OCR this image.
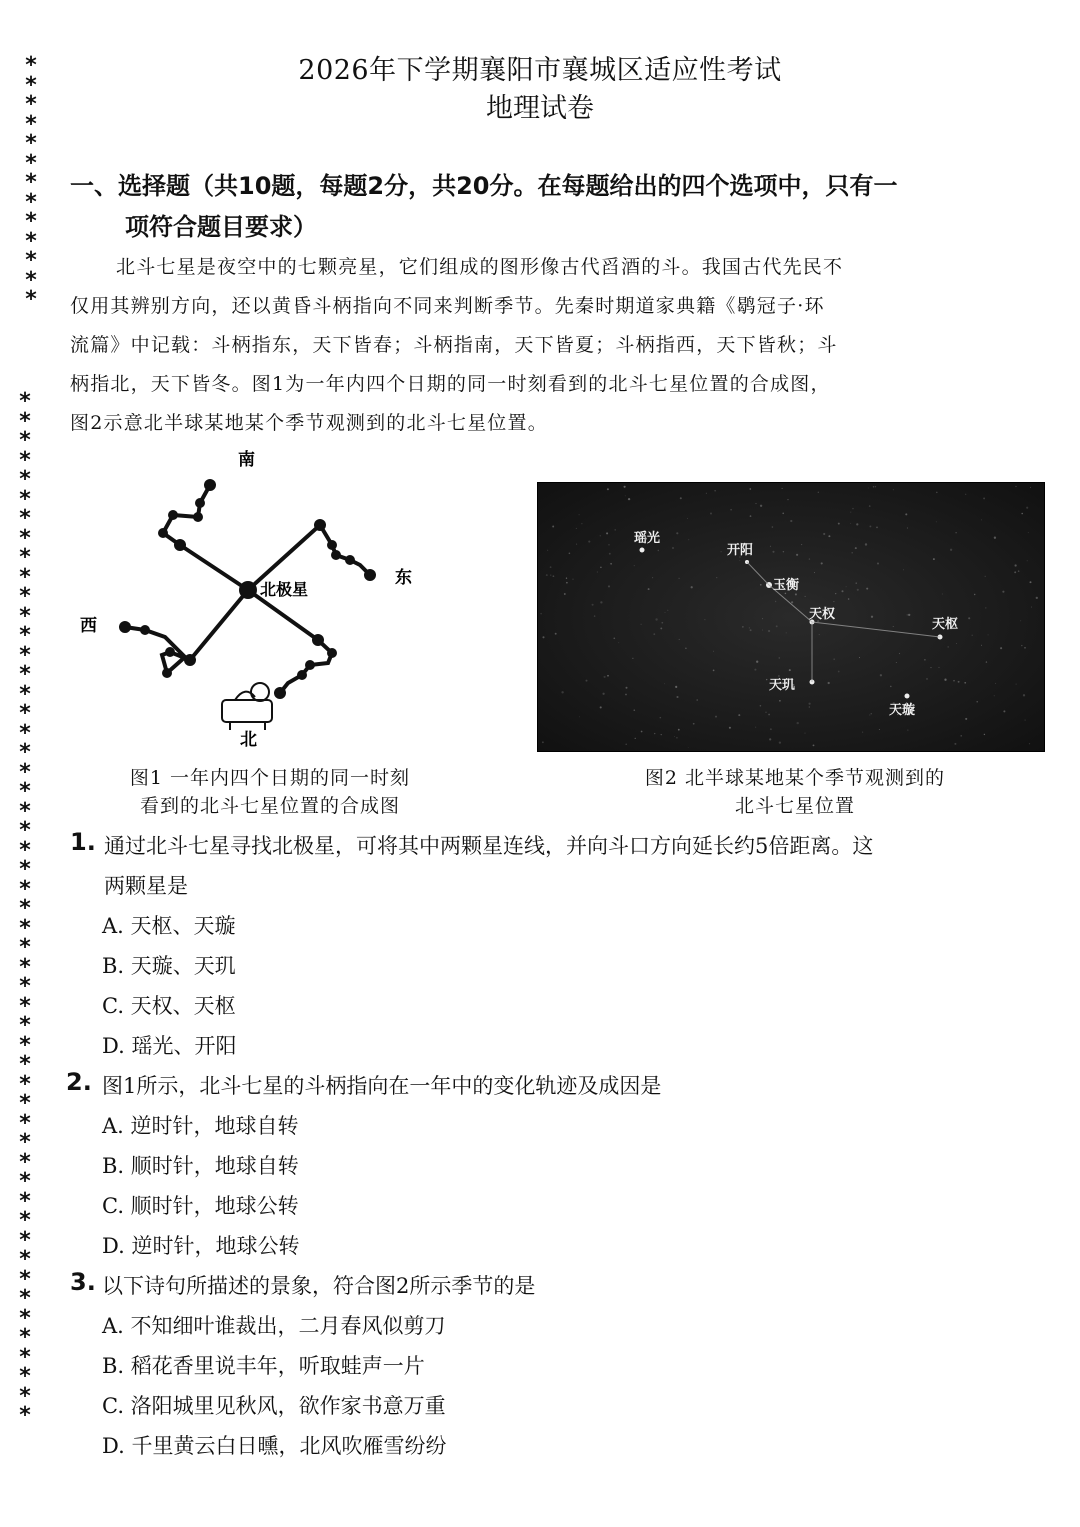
*
*
*
*
*
*
*
*
*
*
*
*
*
*
*
*
*
*
*
*
*
*
*
*
*
*
*
*
*
*
*
*
*
*
*
*
*
*
*
*
*
*
*
*
*
*
*
*
*
*
*
*
*
*
*
*
*
*
*
*
*
*
*
*
*
*
2026年下学期襄阳市襄城区适应性考试
地理试卷
一、选择题（共10题，每题2分，共20分。在每题给出的四个选项中，只有一
项符合题目要求）
北斗七星是夜空中的七颗亮星，它们组成的图形像古代舀酒的斗。我国古代先民不
仅用其辨别方向，还以黄昏斗柄指向不同来判断季节。先秦时期道家典籍《鹖冠子·环
流篇》中记载：斗柄指东，天下皆春；斗柄指南，天下皆夏；斗柄指西，天下皆秋；斗
柄指北，天下皆冬。图1为一年内四个日期的同一时刻看到的北斗七星位置的合成图，
图2示意北半球某地某个季节观测到的北斗七星位置。
南
北
东
西
北极星
图1 一年内四个日期的同一时刻
看到的北斗七星位置的合成图
瑶光
开阳
玉衡
天权
天枢
天玑
天璇
图2 北半球某地某个季节观测到的
北斗七星位置
1. 通过北斗七星寻找北极星，可将其中两颗星连线，并向斗口方向延长约5倍距离。这
两颗星是
A. 天枢、天璇
B. 天璇、天玑
C. 天权、天枢
D. 瑶光、开阳
2. 图1所示，北斗七星的斗柄指向在一年中的变化轨迹及成因是
A. 逆时针，地球自转
B. 顺时针，地球自转
C. 顺时针，地球公转
D. 逆时针，地球公转
3. 以下诗句所描述的景象，符合图2所示季节的是
A. 不知细叶谁裁出，二月春风似剪刀
B. 稻花香里说丰年，听取蛙声一片
C. 洛阳城里见秋风，欲作家书意万重
D. 千里黄云白日曛，北风吹雁雪纷纷
